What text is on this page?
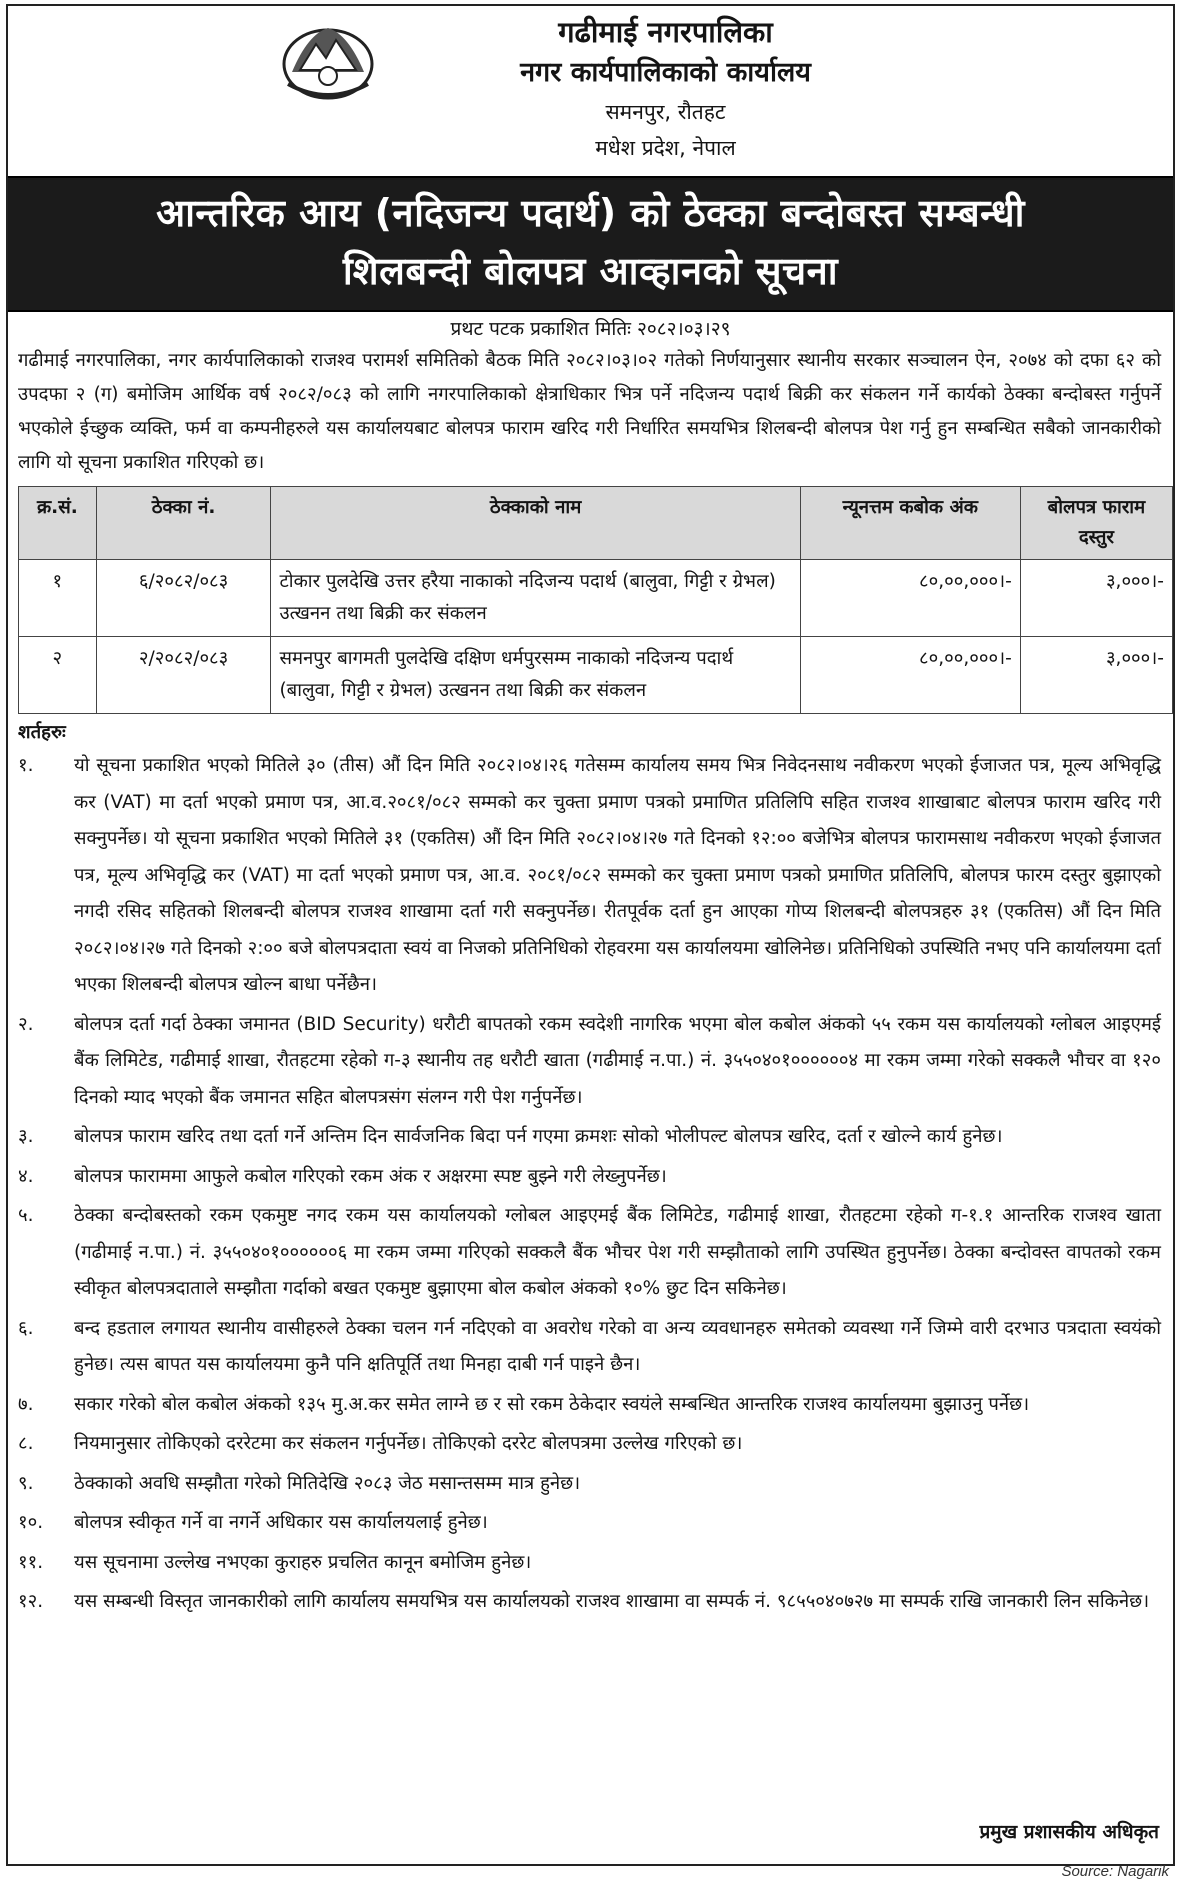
गढीमाई नगरपालिका
नगर कार्यपालिकाको कार्यालय
समनपुर, रौतहट
मधेश प्रदेश, नेपाल
आन्तरिक आय (नदिजन्य पदार्थ) को ठेक्का बन्दोबस्त सम्बन्धी
शिलबन्दी बोलपत्र आव्हानको सूचना
प्रथट पटक प्रकाशित मितिः २०८२।०३।२९
गढीमाई नगरपालिका, नगर कार्यपालिकाको राजश्व परामर्श समितिको बैठक मिति २०८२।०३।०२ गतेको निर्णयानुसार स्थानीय सरकार सञ्चालन ऐन, २०७४ को दफा ६२ को उपदफा २ (ग) बमोजिम आर्थिक वर्ष २०८२/०८३ को लागि नगरपालिकाको क्षेत्राधिकार भित्र पर्ने नदिजन्य पदार्थ बिक्री कर संकलन गर्ने कार्यको ठेक्का बन्दोबस्त गर्नुपर्ने भएकोले ईच्छुक व्यक्ति, फर्म वा कम्पनीहरुले यस कार्यालयबाट बोलपत्र फाराम खरिद गरी निर्धारित समयभित्र शिलबन्दी बोलपत्र पेश गर्नु हुन सम्बन्धित सबैको जानकारीको लागि यो सूचना प्रकाशित गरिएको छ।
क्र.सं.	ठेक्का नं.	ठेक्काको नाम	न्यूनत्तम कबोक अंक	बोलपत्र फाराम दस्तुर
१	६/२०८२/०८३	टोकार पुलदेखि उत्तर हरैया नाकाको नदिजन्य पदार्थ (बालुवा, गिट्टी र ग्रेभल) उत्खनन तथा बिक्री कर संकलन	८०,००,०००।-	३,०००।-
२	२/२०८२/०८३	समनपुर बागमती पुलदेखि दक्षिण धर्मपुरसम्म नाकाको नदिजन्य पदार्थ (बालुवा, गिट्टी र ग्रेभल) उत्खनन तथा बिक्री कर संकलन	८०,००,०००।-	३,०००।-
शर्तहरुः
१.	यो सूचना प्रकाशित भएको मितिले ३० (तीस) औं दिन मिति २०८२।०४।२६ गतेसम्म कार्यालय समय भित्र निवेदनसाथ नवीकरण भएको ईजाजत पत्र, मूल्य अभिवृद्धि कर (VAT) मा दर्ता भएको प्रमाण पत्र, आ.व.२०८१/०८२ सम्मको कर चुक्ता प्रमाण पत्रको प्रमाणित प्रतिलिपि सहित राजश्व शाखाबाट बोलपत्र फाराम खरिद गरी सक्नुपर्नेछ। यो सूचना प्रकाशित भएको मितिले ३१ (एकतिस) औं दिन मिति २०८२।०४।२७ गते दिनको १२:०० बजेभित्र बोलपत्र फारामसाथ नवीकरण भएको ईजाजत पत्र, मूल्य अभिवृद्धि कर (VAT) मा दर्ता भएको प्रमाण पत्र, आ.व. २०८१/०८२ सम्मको कर चुक्ता प्रमाण पत्रको प्रमाणित प्रतिलिपि, बोलपत्र फारम दस्तुर बुझाएको नगदी रसिद सहितको शिलबन्दी बोलपत्र राजश्व शाखामा दर्ता गरी सक्नुपर्नेछ। रीतपूर्वक दर्ता हुन आएका गोप्य शिलबन्दी बोलपत्रहरु ३१ (एकतिस) औं दिन मिति २०८२।०४।२७ गते दिनको २:०० बजे बोलपत्रदाता स्वयं वा निजको प्रतिनिधिको रोहवरमा यस कार्यालयमा खोलिनेछ। प्रतिनिधिको उपस्थिति नभए पनि कार्यालयमा दर्ता भएका शिलबन्दी बोलपत्र खोल्न बाधा पर्नेछैन।
२.	बोलपत्र दर्ता गर्दा ठेक्का जमानत (BID Security) धरौटी बापतको रकम स्वदेशी नागरिक भएमा बोल कबोल अंकको ५५ रकम यस कार्यालयको ग्लोबल आइएमई बैंक लिमिटेड, गढीमाई शाखा, रौतहटमा रहेको ग-३ स्थानीय तह धरौटी खाता (गढीमाई न.पा.) नं. ३५५०४०१००००००४ मा रकम जम्मा गरेको सक्कलै भौचर वा १२० दिनको म्याद भएको बैंक जमानत सहित बोलपत्रसंग संलग्न गरी पेश गर्नुपर्नेछ।
३.	बोलपत्र फाराम खरिद तथा दर्ता गर्ने अन्तिम दिन सार्वजनिक बिदा पर्न गएमा क्रमशः सोको भोलीपल्ट बोलपत्र खरिद, दर्ता र खोल्ने कार्य हुनेछ।
४.	बोलपत्र फाराममा आफुले कबोल गरिएको रकम अंक र अक्षरमा स्पष्ट बुझ्ने गरी लेख्नुपर्नेछ।
५.	ठेक्का बन्दोबस्तको रकम एकमुष्ट नगद रकम यस कार्यालयको ग्लोबल आइएमई बैंक लिमिटेड, गढीमाई शाखा, रौतहटमा रहेको ग-१.१ आन्तरिक राजश्व खाता (गढीमाई न.पा.) नं. ३५५०४०१००००००६ मा रकम जम्मा गरिएको सक्कलै बैंक भौचर पेश गरी सम्झौताको लागि उपस्थित हुनुपर्नेछ। ठेक्का बन्दोवस्त वापतको रकम स्वीकृत बोलपत्रदाताले सम्झौता गर्दाको बखत एकमुष्ट बुझाएमा बोल कबोल अंकको १०% छुट दिन सकिनेछ।
६.	बन्द हडताल लगायत स्थानीय वासीहरुले ठेक्का चलन गर्न नदिएको वा अवरोध गरेको वा अन्य व्यवधानहरु समेतको व्यवस्था गर्ने जिम्मे वारी दरभाउ पत्रदाता स्वयंको हुनेछ। त्यस बापत यस कार्यालयमा कुनै पनि क्षतिपूर्ति तथा मिनहा दाबी गर्न पाइने छैन।
७.	सकार गरेको बोल कबोल अंकको १३५ मु.अ.कर समेत लाग्ने छ र सो रकम ठेकेदार स्वयंले सम्बन्धित आन्तरिक राजश्व कार्यालयमा बुझाउनु पर्नेछ।
८.	नियमानुसार तोकिएको दररेटमा कर संकलन गर्नुपर्नेछ। तोकिएको दररेट बोलपत्रमा उल्लेख गरिएको छ।
९.	ठेक्काको अवधि सम्झौता गरेको मितिदेखि २०८३ जेठ मसान्तसम्म मात्र हुनेछ।
१०.	बोलपत्र स्वीकृत गर्ने वा नगर्ने अधिकार यस कार्यालयलाई हुनेछ।
११.	यस सूचनामा उल्लेख नभएका कुराहरु प्रचलित कानून बमोजिम हुनेछ।
१२.	यस सम्बन्धी विस्तृत जानकारीको लागि कार्यालय समयभित्र यस कार्यालयको राजश्व शाखामा वा सम्पर्क नं. ९८५५०४०७२७ मा सम्पर्क राखि जानकारी लिन सकिनेछ।
प्रमुख प्रशासकीय अधिकृत
Source: Nagarik
